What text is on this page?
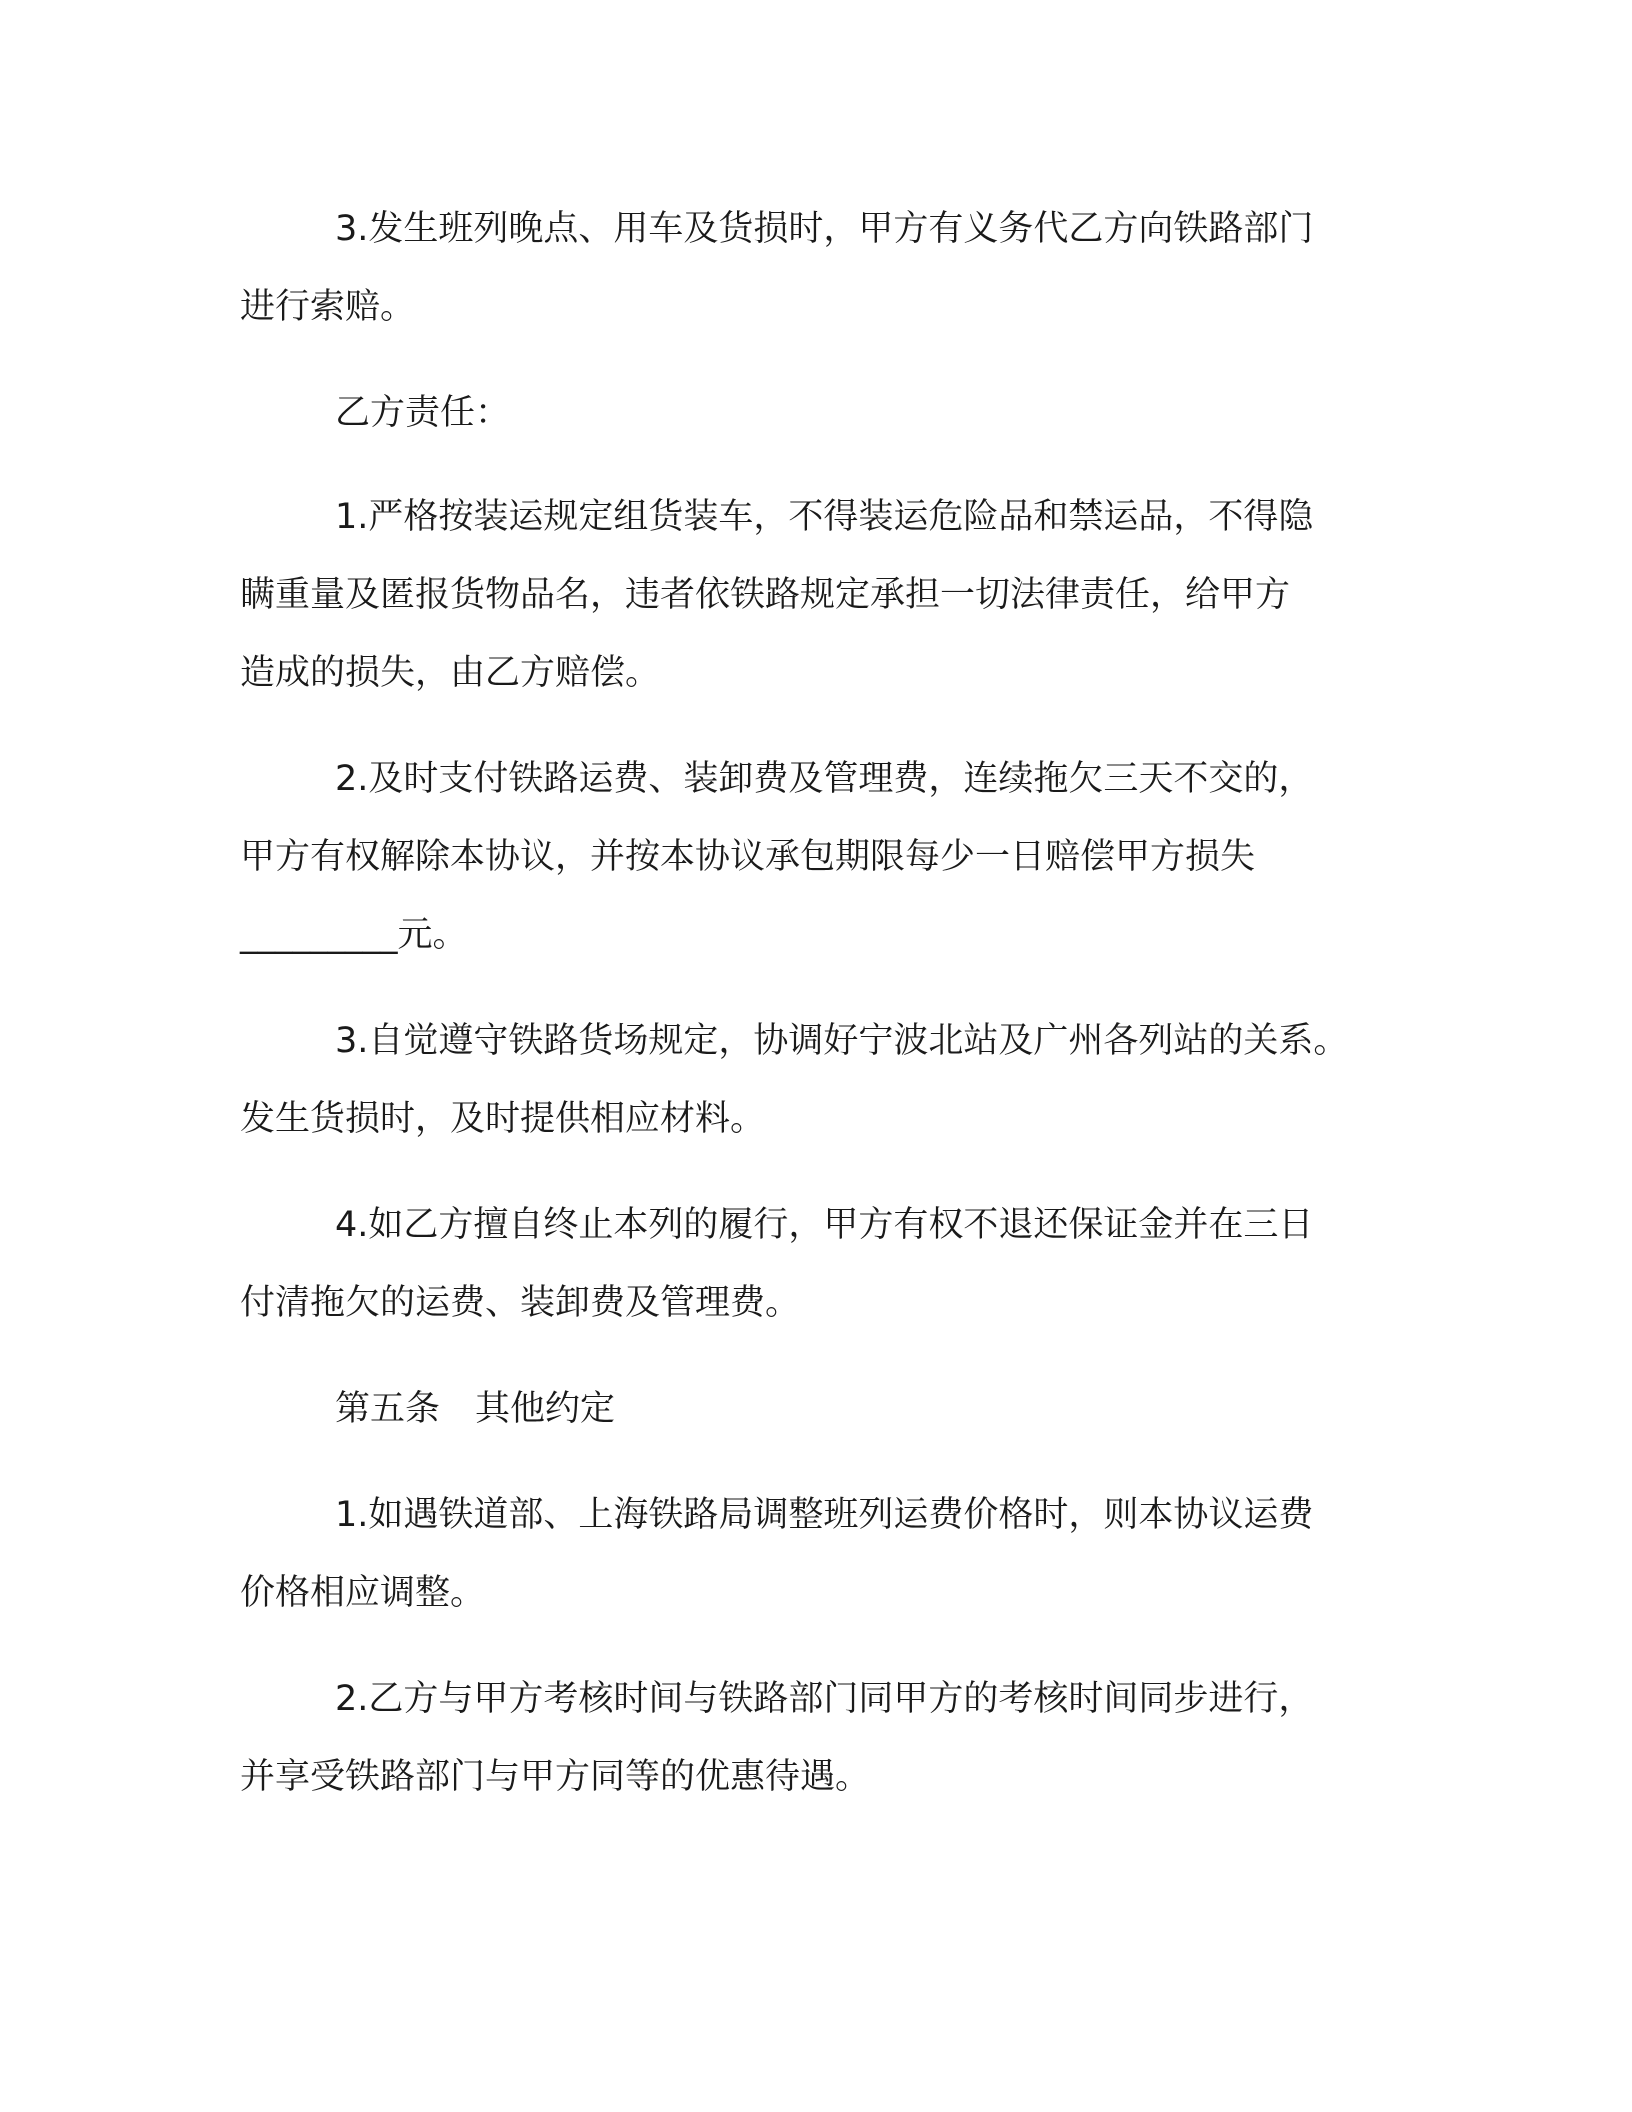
3.发生班列晚点、用车及货损时，甲方有义务代乙方向铁路部门
进行索赔。
乙方责任：
1.严格按装运规定组货装车，不得装运危险品和禁运品，不得隐
瞒重量及匿报货物品名，违者依铁路规定承担一切法律责任，给甲方
造成的损失，由乙方赔偿。
2.及时支付铁路运费、装卸费及管理费，连续拖欠三天不交的，
甲方有权解除本协议，并按本协议承包期限每少一日赔偿甲方损失
_________元。
3.自觉遵守铁路货场规定，协调好宁波北站及广州各列站的关系。
发生货损时，及时提供相应材料。
4.如乙方擅自终止本列的履行，甲方有权不退还保证金并在三日
付清拖欠的运费、装卸费及管理费。
第五条　其他约定
1.如遇铁道部、上海铁路局调整班列运费价格时，则本协议运费
价格相应调整。
2.乙方与甲方考核时间与铁路部门同甲方的考核时间同步进行，
并享受铁路部门与甲方同等的优惠待遇。
